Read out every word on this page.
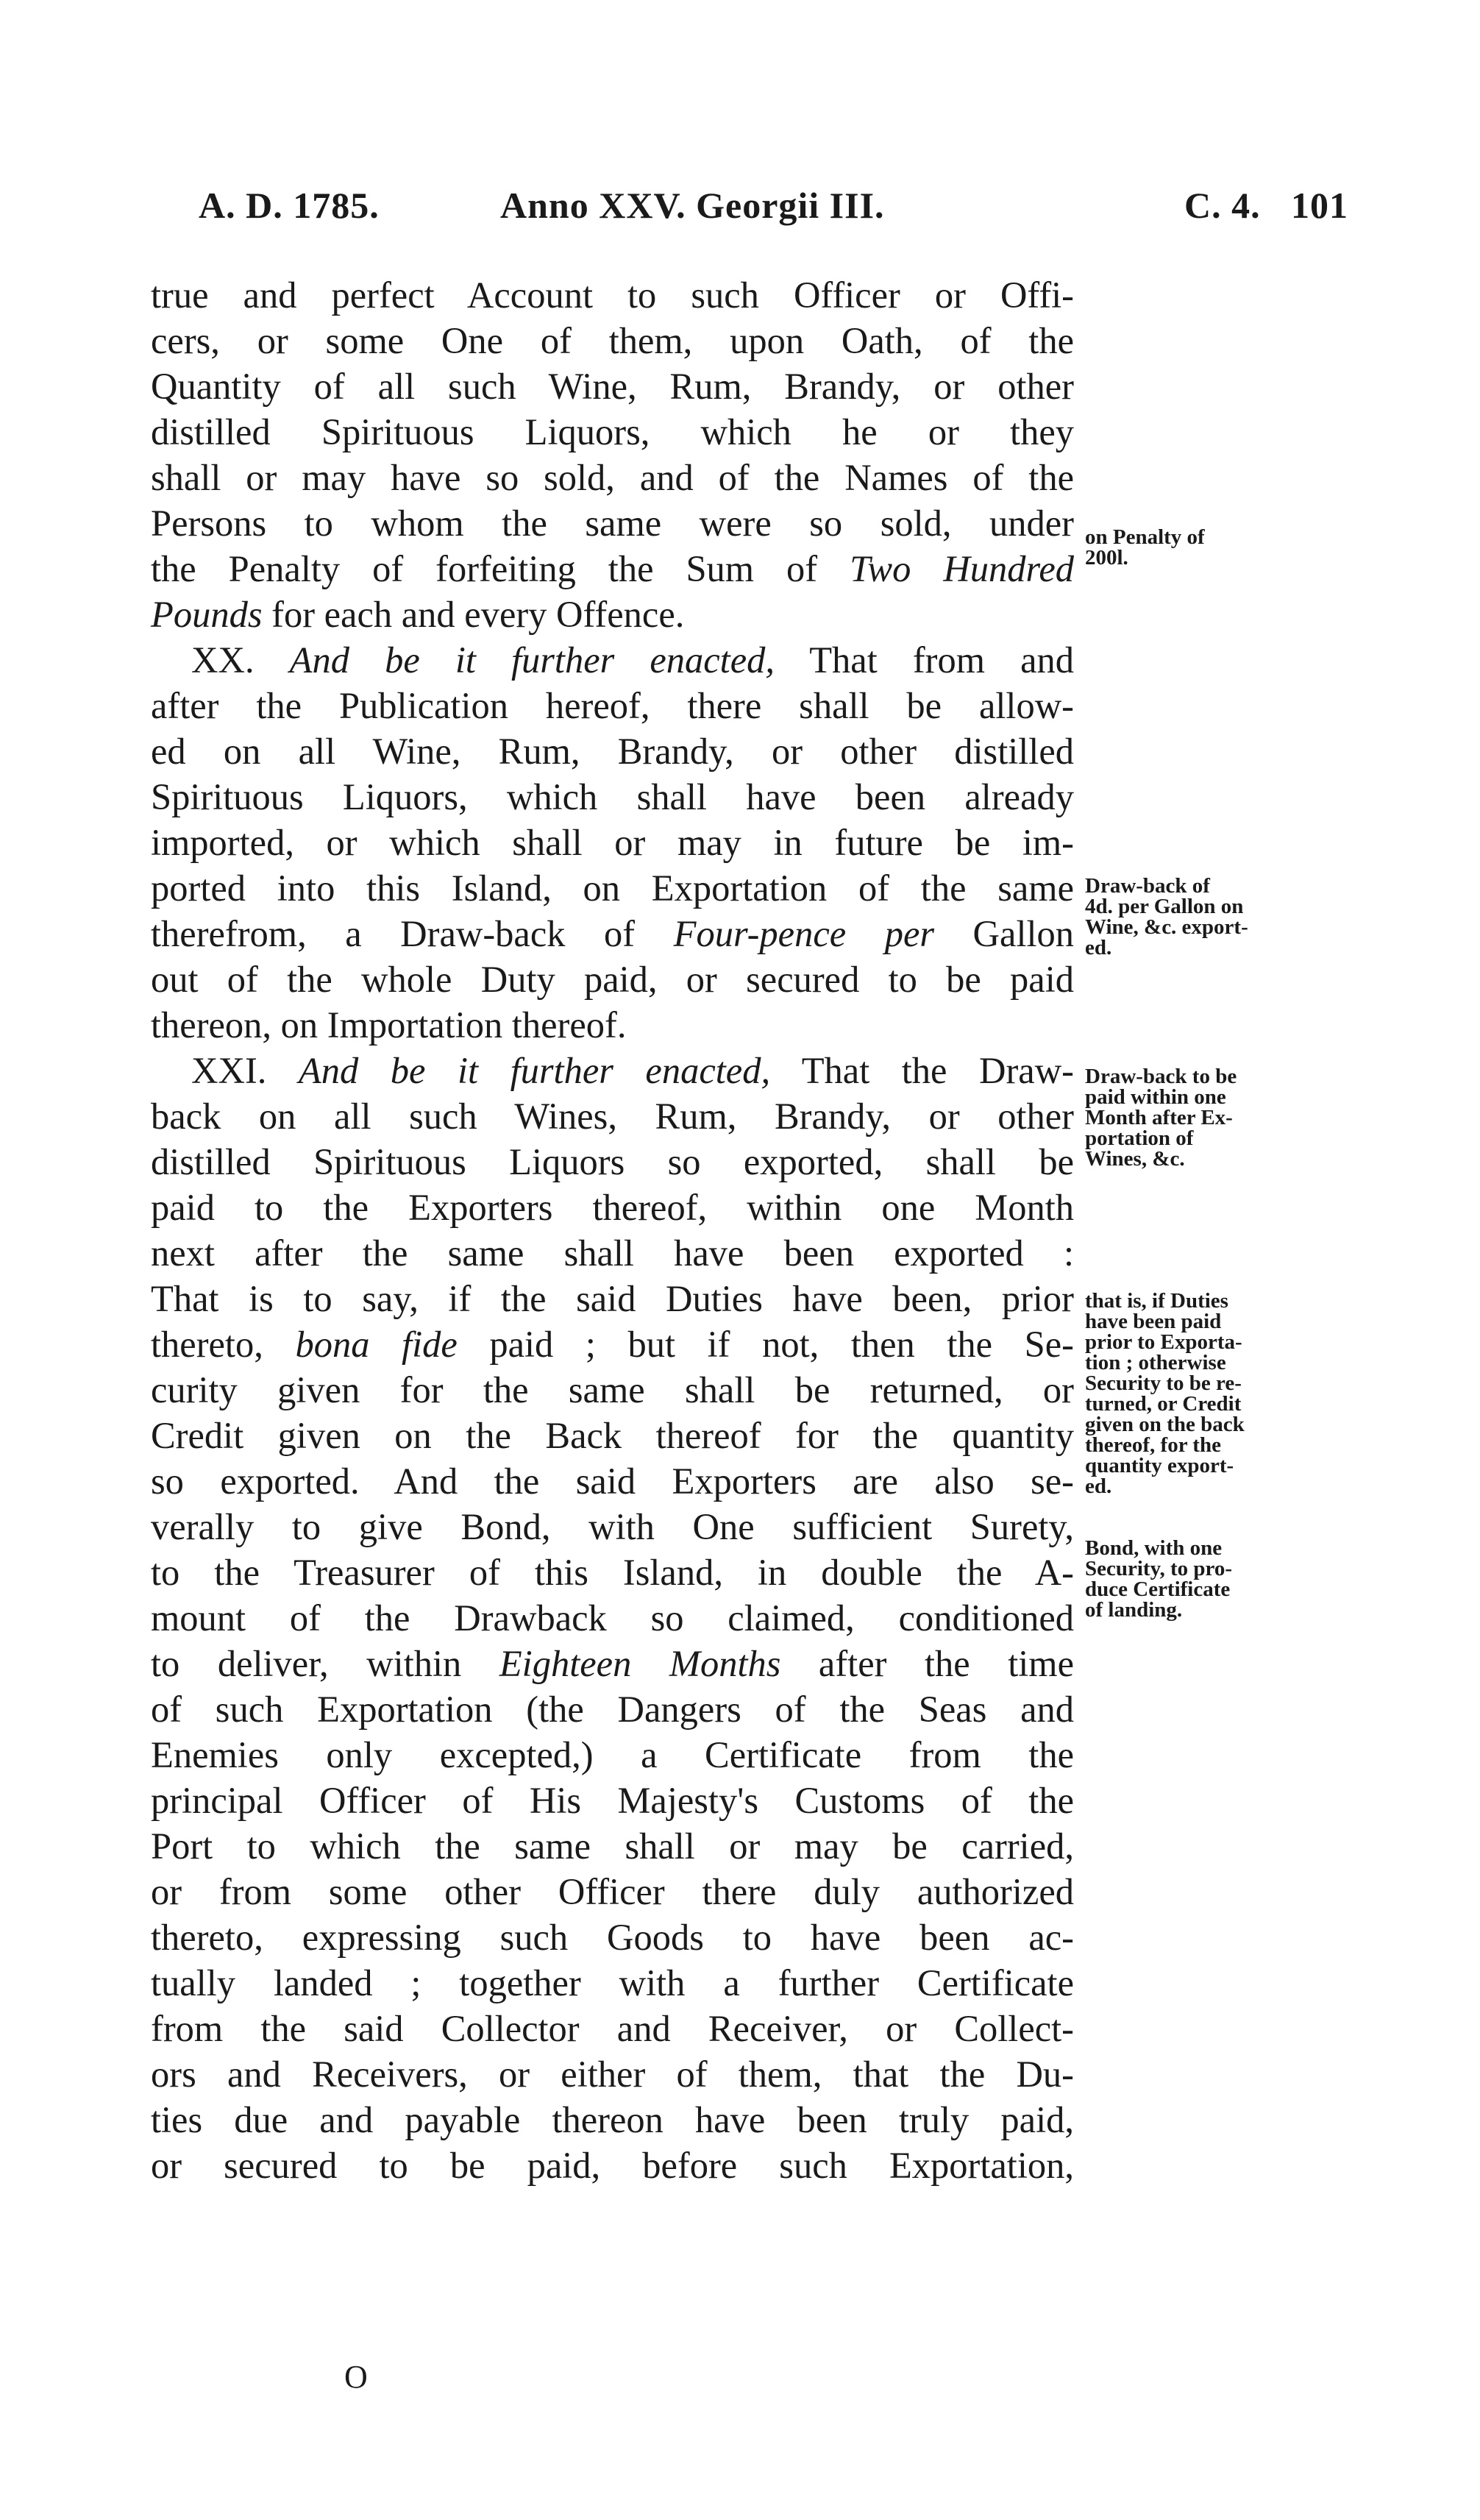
A. D. 1785.	Anno XXV. Georgii III.	C. 4. 101
true and perfect Account to such Officer or Offi-
cers, or some One of them, upon Oath, of the
Quantity of all such Wine, Rum, Brandy, or other
distilled Spirituous Liquors, which he or they
shall or may have so sold, and of the Names of the
Persons to whom the same were so sold, under
the Penalty of forfeiting the Sum of Two Hundred
Pounds for each and every Offence.
XX. And be it further enacted, That from and
after the Publication hereof, there shall be allow-
ed on all Wine, Rum, Brandy, or other distilled
Spirituous Liquors, which shall have been already
imported, or which shall or may in future be im-
ported into this Island, on Exportation of the same
therefrom, a Draw-back of Four-pence per Gallon
out of the whole Duty paid, or secured to be paid
thereon, on Importation thereof.
XXI. And be it further enacted, That the Draw-
back on all such Wines, Rum, Brandy, or other
distilled Spirituous Liquors so exported, shall be
paid to the Exporters thereof, within one Month
next after the same shall have been exported :
That is to say, if the said Duties have been, prior
thereto, bona fide paid ; but if not, then the Se-
curity given for the same shall be returned, or
Credit given on the Back thereof for the quantity
so exported. And the said Exporters are also se-
verally to give Bond, with One sufficient Surety,
to the Treasurer of this Island, in double the A-
mount of the Drawback so claimed, conditioned
to deliver, within Eighteen Months after the time
of such Exportation (the Dangers of the Seas and
Enemies only excepted,) a Certificate from the
principal Officer of His Majesty's Customs of the
Port to which the same shall or may be carried,
or from some other Officer there duly authorized
thereto, expressing such Goods to have been ac-
tually landed ; together with a further Certificate
from the said Collector and Receiver, or Collect-
ors and Receivers, or either of them, that the Du-
ties due and payable thereon have been truly paid,
or secured to be paid, before such Exportation,
on Penalty of
200l.
Draw-back of
4d. per Gallon on
Wine, &c. export-
ed.
Draw-back to be
paid within one
Month after Ex-
portation of
Wines, &c.
that is, if Duties
have been paid
prior to Exporta-
tion ; otherwise
Security to be re-
turned, or Credit
given on the back
thereof, for the
quantity export-
ed.
Bond, with one
Security, to pro-
duce Certificate
of landing.
O
